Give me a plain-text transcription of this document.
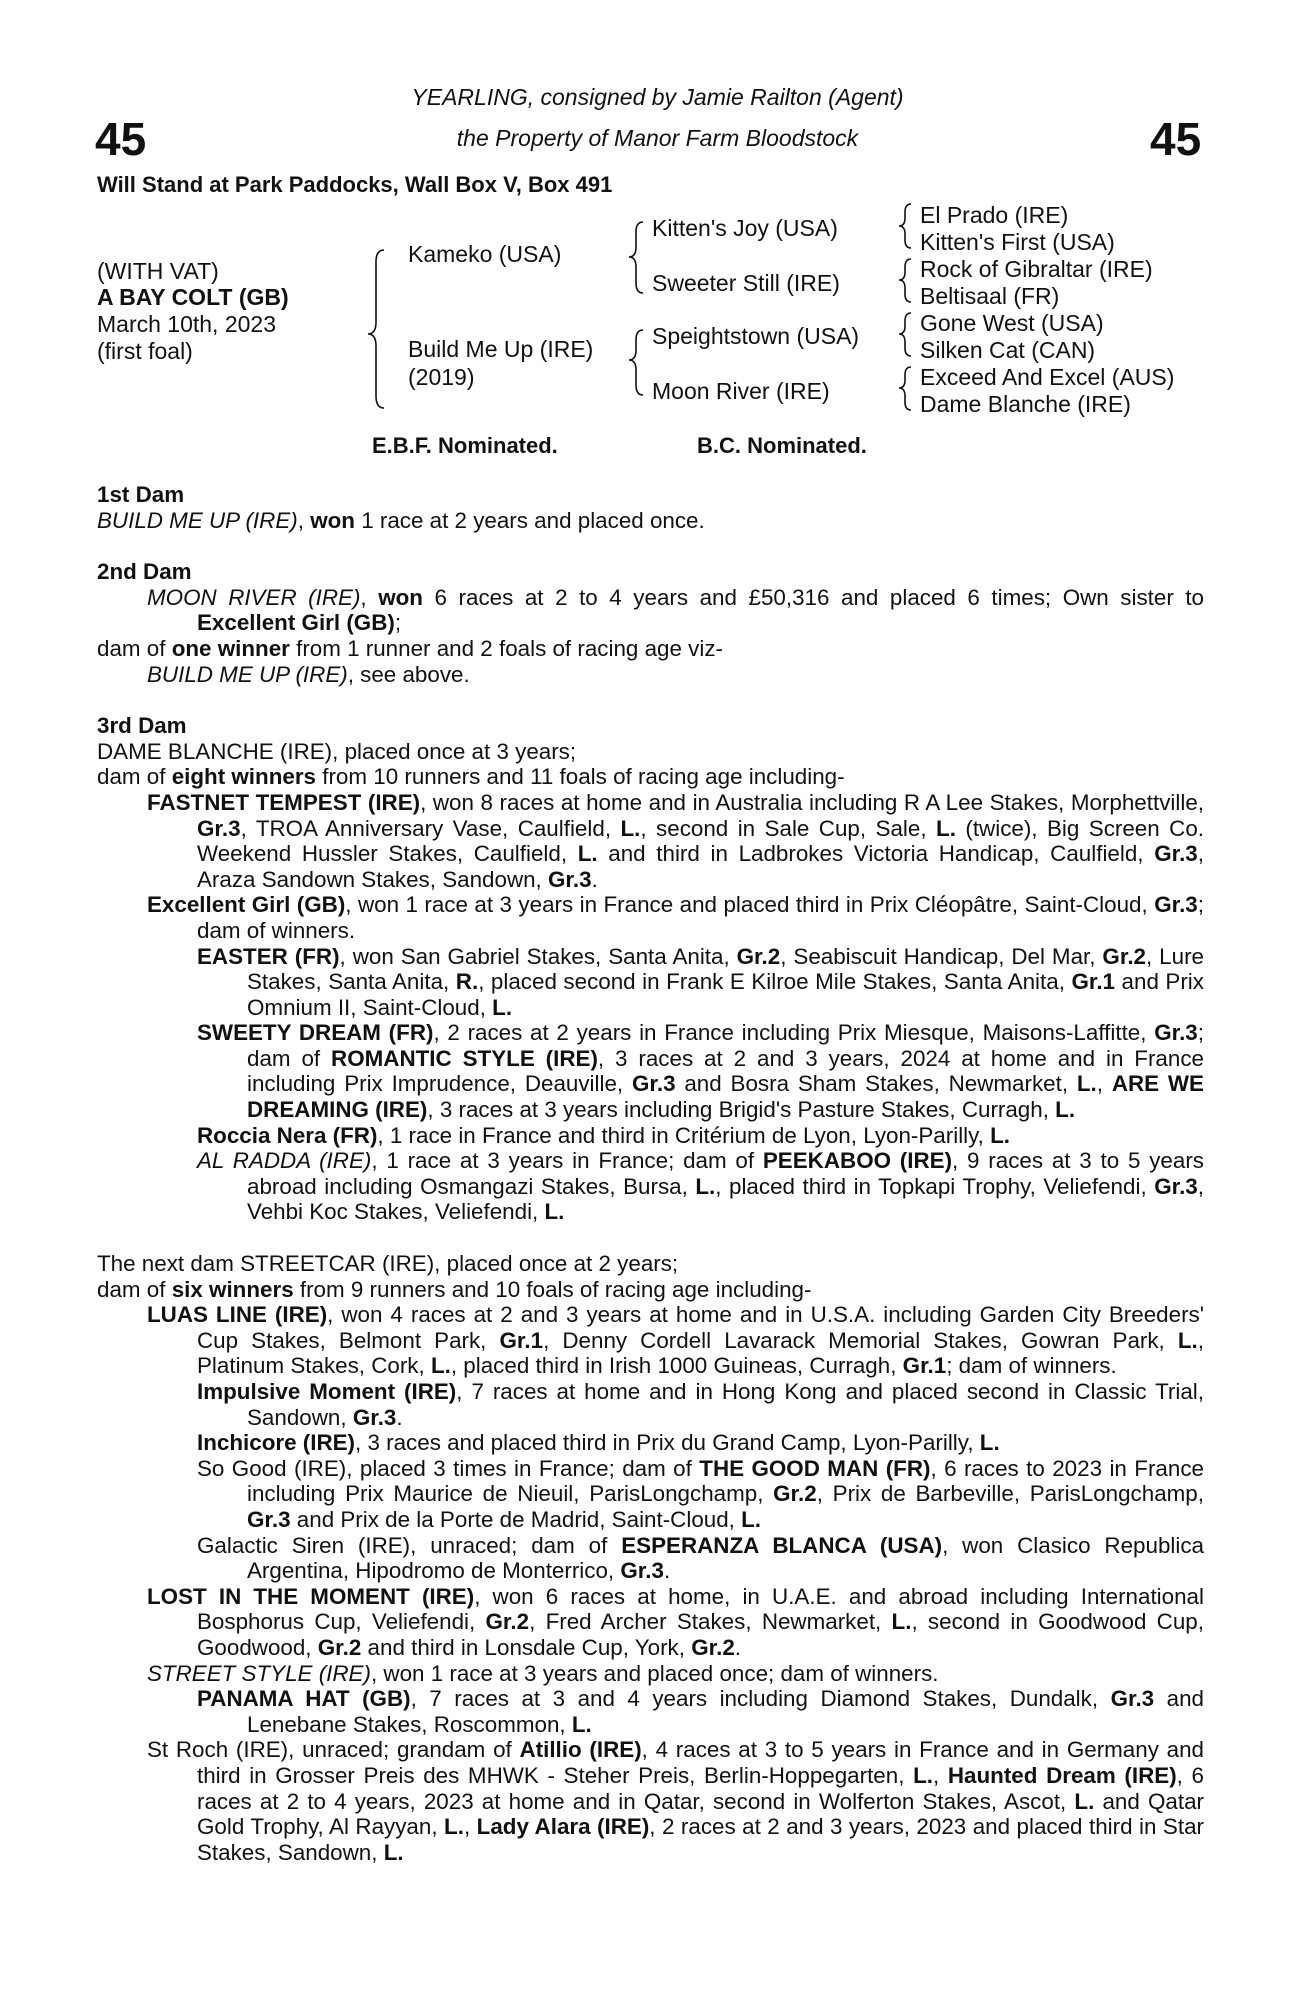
45	45
YEARLING, consigned by Jamie Railton (Agent)
the Property of Manor Farm Bloodstock
Will Stand at Park Paddocks, Wall Box V, Box 491
(WITH VAT)
A BAY COLT (GB)
March 10th, 2023
(first foal)
Kameko (USA)
Build Me Up (IRE)
(2019)
Kitten's Joy (USA)
Sweeter Still (IRE)
Speightstown (USA)
Moon River (IRE)
El Prado (IRE)
Kitten's First (USA)
Rock of Gibraltar (IRE)
Beltisaal (FR)
Gone West (USA)
Silken Cat (CAN)
Exceed And Excel (AUS)
Dame Blanche (IRE)
E.B.F. Nominated.	B.C. Nominated.

1st Dam

BUILD ME UP (IRE), won 1 race at 2 years and placed once.

2nd Dam

MOON RIVER (IRE), won 6 races at 2 to 4 years and £50,316 and placed 6 times; Own sister to Excellent Girl (GB);

dam of one winner from 1 runner and 2 foals of racing age viz-

BUILD ME UP (IRE), see above.

3rd Dam

DAME BLANCHE (IRE), placed once at 3 years;

dam of eight winners from 10 runners and 11 foals of racing age including-

FASTNET TEMPEST (IRE), won 8 races at home and in Australia including R A Lee Stakes, Morphettville, Gr.3, TROA Anniversary Vase, Caulfield, L., second in Sale Cup, Sale, L. (twice), Big Screen Co. Weekend Hussler Stakes, Caulfield, L. and third in Ladbrokes Victoria Handicap, Caulfield, Gr.3, Araza Sandown Stakes, Sandown, Gr.3.

Excellent Girl (GB), won 1 race at 3 years in France and placed third in Prix Cléopâtre, Saint-Cloud, Gr.3; dam of winners.

EASTER (FR), won San Gabriel Stakes, Santa Anita, Gr.2, Seabiscuit Handicap, Del Mar, Gr.2, Lure Stakes, Santa Anita, R., placed second in Frank E Kilroe Mile Stakes, Santa Anita, Gr.1 and Prix Omnium II, Saint-Cloud, L.

SWEETY DREAM (FR), 2 races at 2 years in France including Prix Miesque, Maisons-Laffitte, Gr.3; dam of ROMANTIC STYLE (IRE), 3 races at 2 and 3 years, 2024 at home and in France including Prix Imprudence, Deauville, Gr.3 and Bosra Sham Stakes, Newmarket, L., ARE WE DREAMING (IRE), 3 races at 3 years including Brigid's Pasture Stakes, Curragh, L.

Roccia Nera (FR), 1 race in France and third in Critérium de Lyon, Lyon-Parilly, L.

AL RADDA (IRE), 1 race at 3 years in France; dam of PEEKABOO (IRE), 9 races at 3 to 5 years abroad including Osmangazi Stakes, Bursa, L., placed third in Topkapi Trophy, Veliefendi, Gr.3, Vehbi Koc Stakes, Veliefendi, L.

The next dam STREETCAR (IRE), placed once at 2 years;

dam of six winners from 9 runners and 10 foals of racing age including-

LUAS LINE (IRE), won 4 races at 2 and 3 years at home and in U.S.A. including Garden City Breeders' Cup Stakes, Belmont Park, Gr.1, Denny Cordell Lavarack Memorial Stakes, Gowran Park, L., Platinum Stakes, Cork, L., placed third in Irish 1000 Guineas, Curragh, Gr.1; dam of winners.

Impulsive Moment (IRE), 7 races at home and in Hong Kong and placed second in Classic Trial, Sandown, Gr.3.

Inchicore (IRE), 3 races and placed third in Prix du Grand Camp, Lyon-Parilly, L.

So Good (IRE), placed 3 times in France; dam of THE GOOD MAN (FR), 6 races to 2023 in France including Prix Maurice de Nieuil, ParisLongchamp, Gr.2, Prix de Barbeville, ParisLongchamp, Gr.3 and Prix de la Porte de Madrid, Saint-Cloud, L.

Galactic Siren (IRE), unraced; dam of ESPERANZA BLANCA (USA), won Clasico Republica Argentina, Hipodromo de Monterrico, Gr.3.

LOST IN THE MOMENT (IRE), won 6 races at home, in U.A.E. and abroad including International Bosphorus Cup, Veliefendi, Gr.2, Fred Archer Stakes, Newmarket, L., second in Goodwood Cup, Goodwood, Gr.2 and third in Lonsdale Cup, York, Gr.2.

STREET STYLE (IRE), won 1 race at 3 years and placed once; dam of winners.

PANAMA HAT (GB), 7 races at 3 and 4 years including Diamond Stakes, Dundalk, Gr.3 and Lenebane Stakes, Roscommon, L.

St Roch (IRE), unraced; grandam of Atillio (IRE), 4 races at 3 to 5 years in France and in Germany and third in Grosser Preis des MHWK - Steher Preis, Berlin-Hoppegarten, L., Haunted Dream (IRE), 6 races at 2 to 4 years, 2023 at home and in Qatar, second in Wolferton Stakes, Ascot, L. and Qatar Gold Trophy, Al Rayyan, L., Lady Alara (IRE), 2 races at 2 and 3 years, 2023 and placed third in Star Stakes, Sandown, L.
